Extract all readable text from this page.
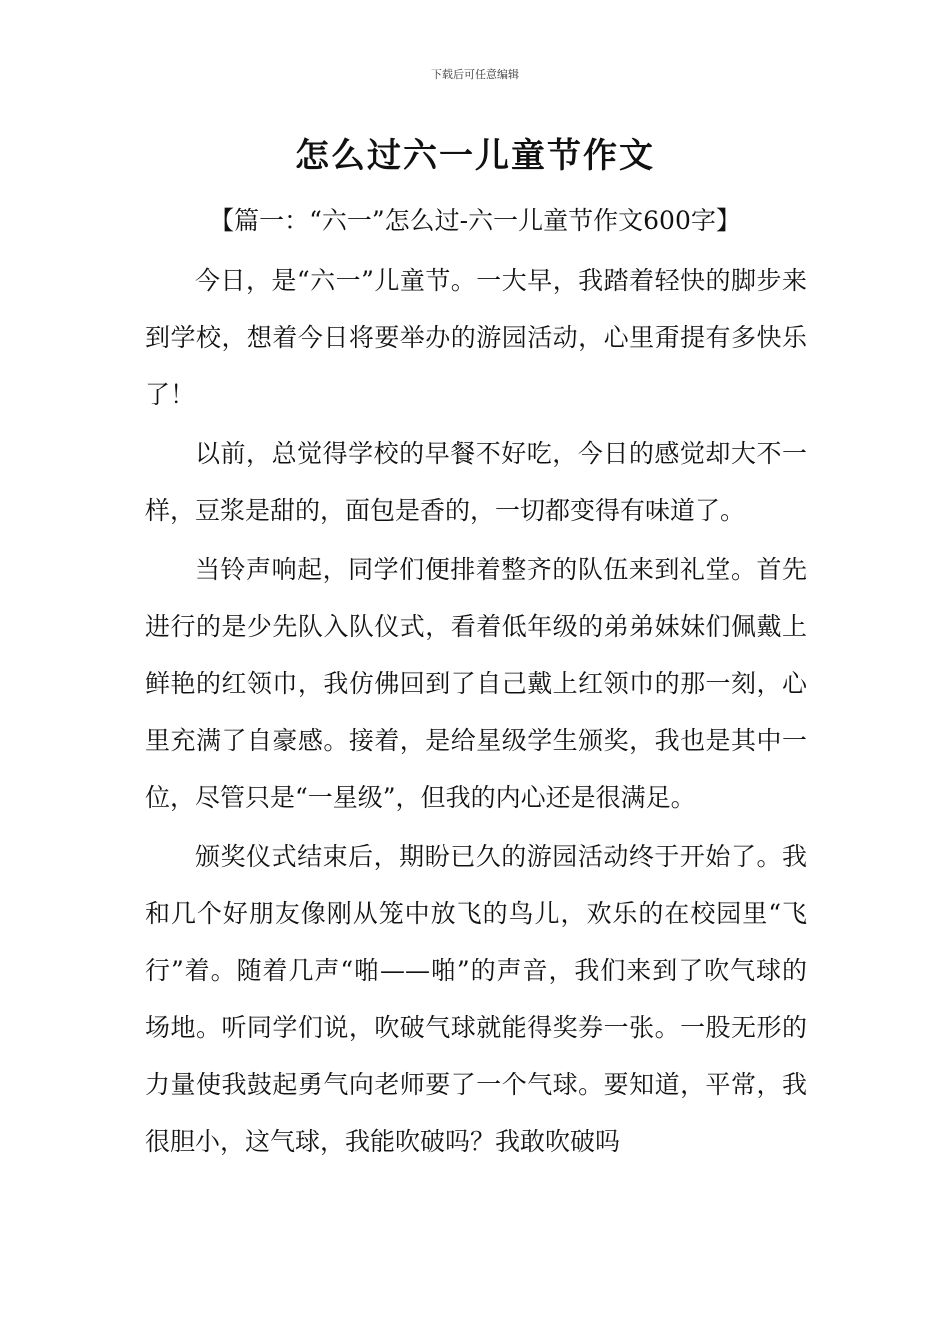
下载后可任意编辑
怎么过六一儿童节作文
【篇一：“六一”怎么过-六一儿童节作文600字】

今日，是“六一”儿童节。一大早，我踏着轻快的脚步来到学校，想着今日将要举办的游园活动，心里甭提有多快乐了！

以前，总觉得学校的早餐不好吃，今日的感觉却大不一样，豆浆是甜的，面包是香的，一切都变得有味道了。

当铃声响起，同学们便排着整齐的队伍来到礼堂。首先进行的是少先队入队仪式，看着低年级的弟弟妹妹们佩戴上鲜艳的红领巾，我仿佛回到了自己戴上红领巾的那一刻，心里充满了自豪感。接着，是给星级学生颁奖，我也是其中一位，尽管只是“一星级”，但我的内心还是很满足。

颁奖仪式结束后，期盼已久的游园活动终于开始了。我和几个好朋友像刚从笼中放飞的鸟儿，欢乐的在校园里“飞行”着。随着几声“啪——啪”的声音，我们来到了吹气球的场地。听同学们说，吹破气球就能得奖券一张。一股无形的力量使我鼓起勇气向老师要了一个气球。要知道，平常，我很胆小，这气球，我能吹破吗？我敢吹破吗
